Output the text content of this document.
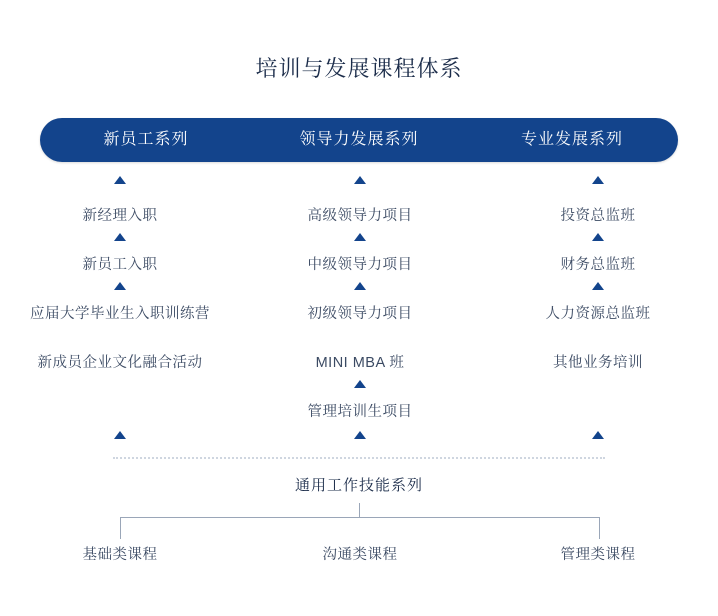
培训与发展课程体系
新员工系列	领导力发展系列	专业发展系列
新经理入职
新员工入职
应届大学毕业生入职训练营
新成员企业文化融合活动
高级领导力项目
中级领导力项目
初级领导力项目
MINI MBA 班
管理培训生项目
投资总监班
财务总监班
人力资源总监班
其他业务培训
通用工作技能系列
基础类课程	沟通类课程	管理类课程
